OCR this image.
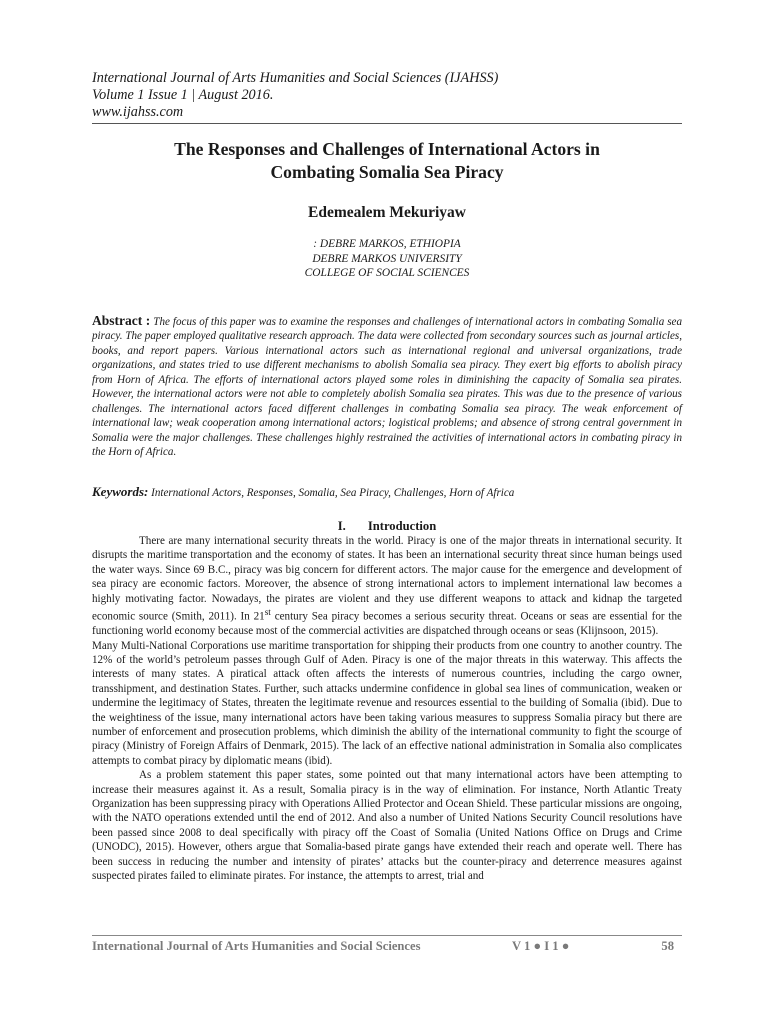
International Journal of Arts Humanities and Social Sciences (IJAHSS)
Volume 1 Issue 1 | August 2016.
www.ijahss.com
The Responses and Challenges of International Actors in
Combating Somalia Sea Piracy
Edemealem Mekuriyaw
: DEBRE MARKOS, ETHIOPIA
DEBRE MARKOS UNIVERSITY
COLLEGE OF SOCIAL SCIENCES
Abstract : The focus of this paper was to examine the responses and challenges of international actors in combating Somalia sea piracy. The paper employed qualitative research approach. The data were collected from secondary sources such as journal articles, books, and report papers. Various international actors such as international regional and universal organizations, trade organizations, and states tried to use different mechanisms to abolish Somalia sea piracy. They exert big efforts to abolish piracy from Horn of Africa. The efforts of international actors played some roles in diminishing the capacity of Somalia sea pirates. However, the international actors were not able to completely abolish Somalia sea pirates. This was due to the presence of various challenges. The international actors faced different challenges in combating Somalia sea piracy. The weak enforcement of international law; weak cooperation among international actors; logistical problems; and absence of strong central government in Somalia were the major challenges. These challenges highly restrained the activities of international actors in combating piracy in the Horn of Africa.
Keywords: International Actors, Responses, Somalia, Sea Piracy, Challenges, Horn of Africa
I. Introduction

There are many international security threats in the world. Piracy is one of the major threats in international security. It disrupts the maritime transportation and the economy of states. It has been an international security threat since human beings used the water ways. Since 69 B.C., piracy was big concern for different actors. The major cause for the emergence and development of sea piracy are economic factors. Moreover, the absence of strong international actors to implement international law becomes a highly motivating factor. Nowadays, the pirates are violent and they use different weapons to attack and kidnap the targeted economic source (Smith, 2011). In 21st century Sea piracy becomes a serious security threat. Oceans or seas are essential for the functioning world economy because most of the commercial activities are dispatched through oceans or seas (Klijnsoon, 2015).

Many Multi-National Corporations use maritime transportation for shipping their products from one country to another country. The 12% of the world’s petroleum passes through Gulf of Aden. Piracy is one of the major threats in this waterway. This affects the interests of many states. A piratical attack often affects the interests of numerous countries, including the cargo owner, transshipment, and destination States. Further, such attacks undermine confidence in global sea lines of communication, weaken or undermine the legitimacy of States, threaten the legitimate revenue and resources essential to the building of Somalia (ibid). Due to the weightiness of the issue, many international actors have been taking various measures to suppress Somalia piracy but there are number of enforcement and prosecution problems, which diminish the ability of the international community to fight the scourge of piracy (Ministry of Foreign Affairs of Denmark, 2015). The lack of an effective national administration in Somalia also complicates attempts to combat piracy by diplomatic means (ibid).

As a problem statement this paper states, some pointed out that many international actors have been attempting to increase their measures against it. As a result, Somalia piracy is in the way of elimination. For instance, North Atlantic Treaty Organization has been suppressing piracy with Operations Allied Protector and Ocean Shield. These particular missions are ongoing, with the NATO operations extended until the end of 2012. And also a number of United Nations Security Council resolutions have been passed since 2008 to deal specifically with piracy off the Coast of Somalia (United Nations Office on Drugs and Crime (UNODC), 2015). However, others argue that Somalia-based pirate gangs have extended their reach and operate well. There has been success in reducing the number and intensity of pirates’ attacks but the counter-piracy and deterrence measures against suspected pirates failed to eliminate pirates. For instance, the attempts to arrest, trial and

International Journal of Arts Humanities and Social Sciences	V 1 ● I 1 ●	58
